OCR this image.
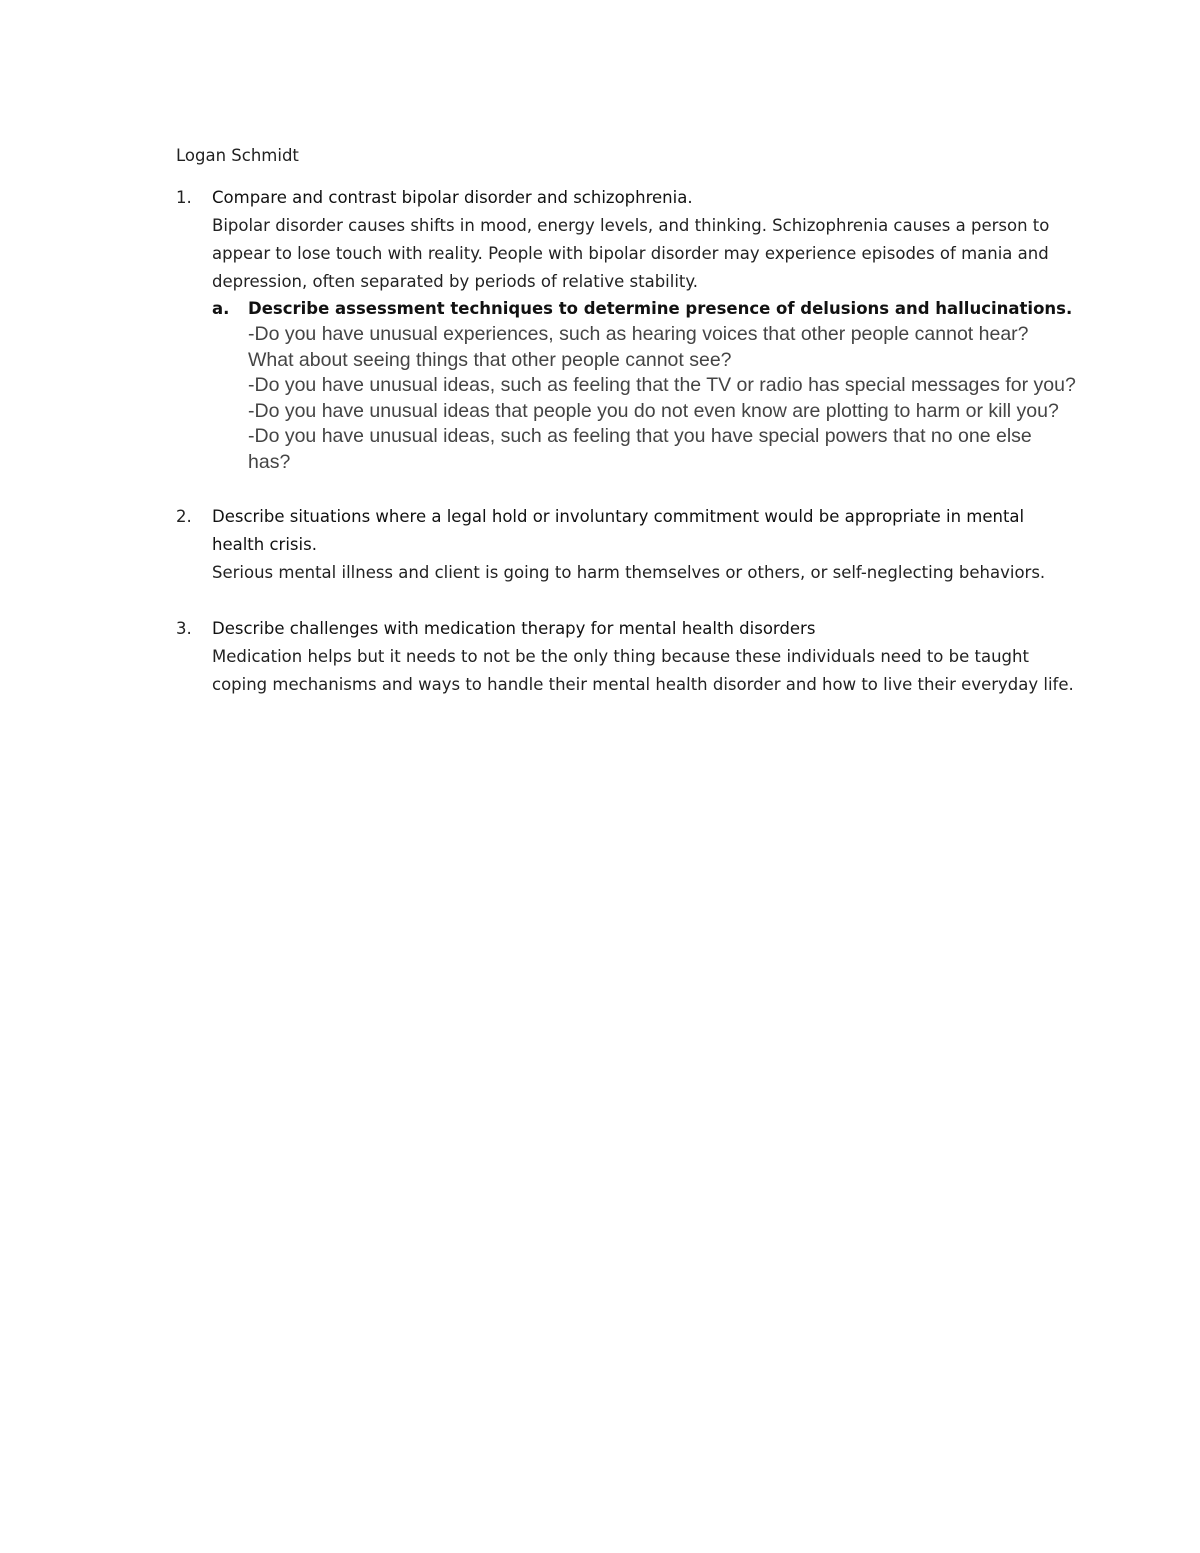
Logan Schmidt

1.	Compare and contrast bipolar disorder and schizophrenia.

Bipolar disorder causes shifts in mood, energy levels, and thinking. Schizophrenia causes a person to appear to lose touch with reality. People with bipolar disorder may experience episodes of mania and depression, often separated by periods of relative stability.

a.	Describe assessment techniques to determine presence of delusions and hallucinations.

-Do you have unusual experiences, such as hearing voices that other people cannot hear? What about seeing things that other people cannot see?
-Do you have unusual ideas, such as feeling that the TV or radio has special messages for you?
-Do you have unusual ideas that people you do not even know are plotting to harm or kill you?
-Do you have unusual ideas, such as feeling that you have special powers that no one else has?
2.	Describe situations where a legal hold or involuntary commitment would be appropriate in mental health crisis.

Serious mental illness and client is going to harm themselves or others, or self-neglecting behaviors.

3.	Describe challenges with medication therapy for mental health disorders

Medication helps but it needs to not be the only thing because these individuals need to be taught coping mechanisms and ways to handle their mental health disorder and how to live their everyday life.
